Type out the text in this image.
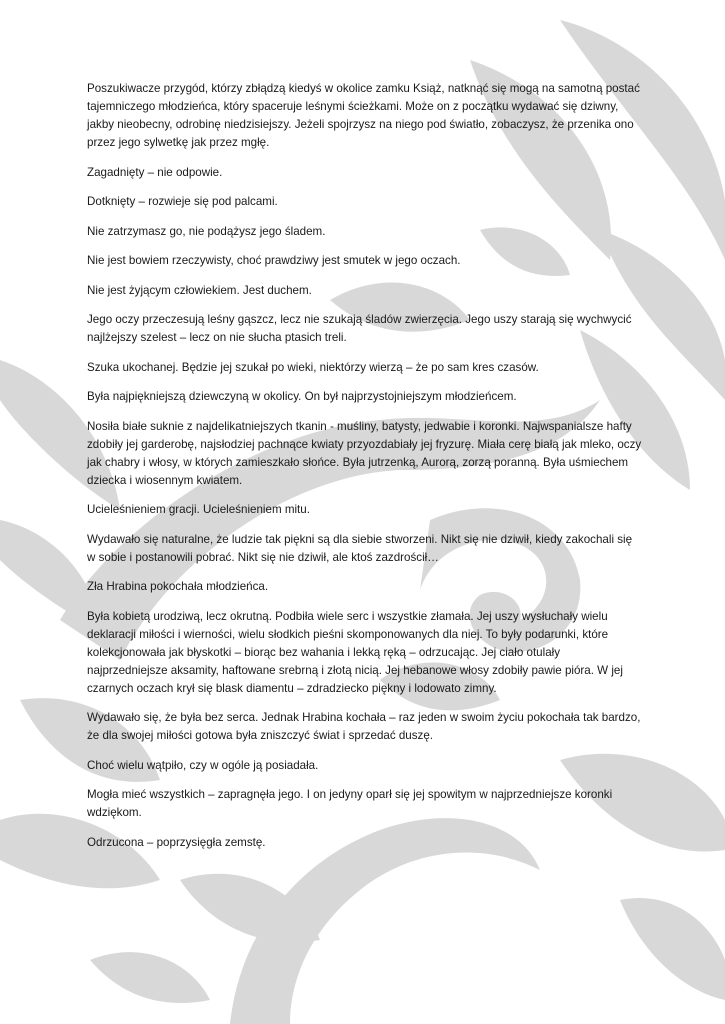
Poszukiwacze przygód, którzy zbłądzą kiedyś w okolice zamku Książ, natknąć się mogą na samotną postać tajemniczego młodzieńca, który spaceruje leśnymi ścieżkami. Może on z początku wydawać się dziwny, jakby nieobecny, odrobinę niedzisiejszy. Jeżeli spojrzysz na niego pod światło, zobaczysz, że przenika ono przez jego sylwetkę jak przez mgłę.

Zagadnięty – nie odpowie.

Dotknięty – rozwieje się pod palcami.

Nie zatrzymasz go, nie podążysz jego śladem.

Nie jest bowiem rzeczywisty, choć prawdziwy jest smutek w jego oczach.

Nie jest żyjącym człowiekiem. Jest duchem.

Jego oczy przeczesują leśny gąszcz, lecz nie szukają śladów zwierzęcia. Jego uszy starają się wychwycić najlżejszy szelest – lecz on nie słucha ptasich treli.

Szuka ukochanej. Będzie jej szukał po wieki, niektórzy wierzą – że po sam kres czasów.

Była najpiękniejszą dziewczyną w okolicy. On był najprzystojniejszym młodzieńcem.

Nosiła białe suknie z najdelikatniejszych tkanin - muśliny, batysty, jedwabie i koronki. Najwspanialsze hafty zdobiły jej garderobę, najsłodziej pachnące kwiaty przyozdabiały jej fryzurę. Miała cerę białą jak mleko, oczy jak chabry i włosy, w których zamieszkało słońce. Była jutrzenką, Aurorą, zorzą poranną. Była uśmiechem dziecka i wiosennym kwiatem.

Ucieleśnieniem gracji. Ucieleśnieniem mitu.

Wydawało się naturalne, że ludzie tak piękni są dla siebie stworzeni. Nikt się nie dziwił, kiedy zakochali się w sobie i postanowili pobrać. Nikt się nie dziwił, ale ktoś zazdrościł…

Zła Hrabina pokochała młodzieńca.

Była kobietą urodziwą, lecz okrutną. Podbiła wiele serc i wszystkie złamała. Jej uszy wysłuchały wielu deklaracji miłości i wierności, wielu słodkich pieśni skomponowanych dla niej. To były podarunki, które kolekcjonowała jak błyskotki – biorąc bez wahania i lekką ręką – odrzucając. Jej ciało otulały najprzedniejsze aksamity, haftowane srebrną i złotą nicią. Jej hebanowe włosy zdobiły pawie pióra. W jej czarnych oczach krył się blask diamentu – zdradziecko piękny i lodowato zimny.

Wydawało się, że była bez serca. Jednak Hrabina kochała – raz jeden w swoim życiu pokochała tak bardzo, że dla swojej miłości gotowa była zniszczyć świat i sprzedać duszę.

Choć wielu wątpiło, czy w ogóle ją posiadała.

Mogła mieć wszystkich – zapragnęła jego. I on jedyny oparł się jej spowitym w najprzedniejsze koronki wdziękom.

Odrzucona – poprzysięgła zemstę.
